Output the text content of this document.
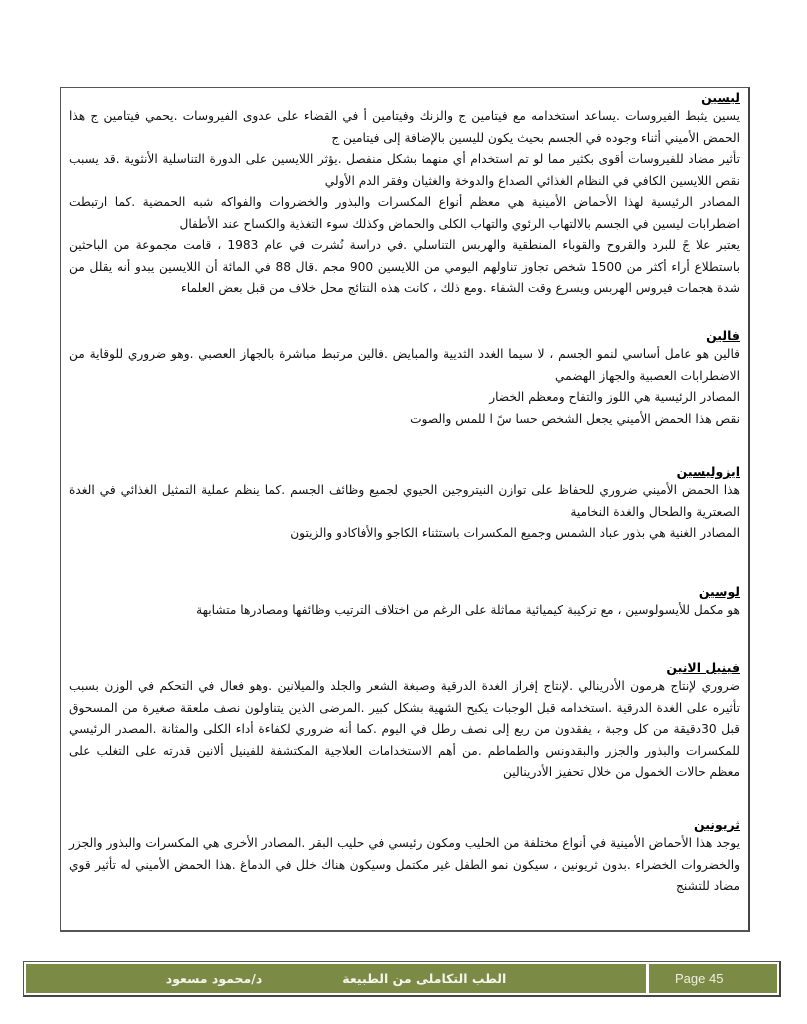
ليسين

يسين يثبط الفيروسات .يساعد استخدامه مع فيتامين ج والزنك وفيتامين أ في القضاء على عدوى الفيروسات .يحمي فيتامين ج هذا الحمض الأميني أثناء وجوده في الجسم بحيث يكون لليسين بالإضافة إلى فيتامين ج

تأثير مضاد للفيروسات أقوى بكثير مما لو تم استخدام أي منهما بشكل منفصل .يؤثر اللايسين على الدورة التناسلية الأنثوية .قد يسبب نقص اللايسين الكافي في النظام الغذائي الصداع والدوخة والغثيان وفقر الدم الأولي

المصادر الرئيسية لهذا الأحماض الأمينية هي معظم أنواع المكسرات والبذور والخضروات والفواكه شبه الحمضية .كما ارتبطت اضطرابات ليسين في الجسم بالالتهاب الرئوي والتهاب الكلى والحماض وكذلك سوء التغذية والكساح عند الأطفال

يعتبر علا جً للبرد والقروح والقوباء المنطقية والهربس التناسلي .في دراسة نُشرت في عام 1983 ، قامت مجموعة من الباحثين باستطلاع أراء أكثر من 1500 شخص تجاوز تناولهم اليومي من اللايسين 900 مجم .قال 88 في المائة أن اللايسين يبدو أنه يقلل من شدة هجمات فيروس الهربس ويسرع وقت الشفاء .ومع ذلك ، كانت هذه النتائج محل خلاف من قبل بعض العلماء

فالين

فالين هو عامل أساسي لنمو الجسم ، لا سيما الغدد الثديية والمبايض .فالين مرتبط مباشرة بالجهاز العصبي .وهو ضروري للوقاية من الاضطرابات العصبية والجهاز الهضمي

المصادر الرئيسية هي اللوز والتفاح ومعظم الخضار

نقص هذا الحمض الأميني يجعل الشخص حسا سً ا للمس والصوت

ايزوليسين

هذا الحمض الأميني ضروري للحفاظ على توازن النيتروجين الحيوي لجميع وظائف الجسم .كما ينظم عملية التمثيل الغذائي في الغدة الصعترية والطحال والغدة النخامية

المصادر الغنية هي بذور عباد الشمس وجميع المكسرات باستثناء الكاجو والأفاكادو والزيتون

لوسين

هو مكمل للأيسولوسين ، مع تركيبة كيميائية مماثلة على الرغم من اختلاف الترتيب وظائفها ومصادرها متشابهة

فينيل الانين

ضروري لإنتاج هرمون الأدرينالي .لإنتاج إفراز الغدة الدرقية وصبغة الشعر والجلد والميلانين .وهو فعال في التحكم في الوزن بسبب تأثيره على الغدة الدرقية .استخدامه قبل الوجبات يكبح الشهية بشكل كبير .المرضى الذين يتناولون نصف ملعقة صغيرة من المسحوق قبل 30دقيقة من كل وجبة ، يفقدون من ربع إلى نصف رطل في اليوم .كما أنه ضروري لكفاءة أداء الكلى والمثانة .المصدر الرئيسي للمكسرات والبذور والجزر والبقدونس والطماطم .من أهم الاستخدامات العلاجية المكتشفة للفينيل ألانين قدرته على التغلب على معظم حالات الخمول من خلال تحفيز الأدرينالين

ثريونين

يوجد هذا الأحماض الأمينية في أنواع مختلفة من الحليب ومكون رئيسي في حليب البقر .المصادر الأخرى هي المكسرات والبذور والجزر والخضروات الخضراء .بدون ثريونين ، سيكون نمو الطفل غير مكتمل وسيكون هناك خلل في الدماغ .هذا الحمض الأميني له تأثير قوي مضاد للتشنج

الطب التكاملى من الطبيعة
د/محمود مسعود	Page 45
